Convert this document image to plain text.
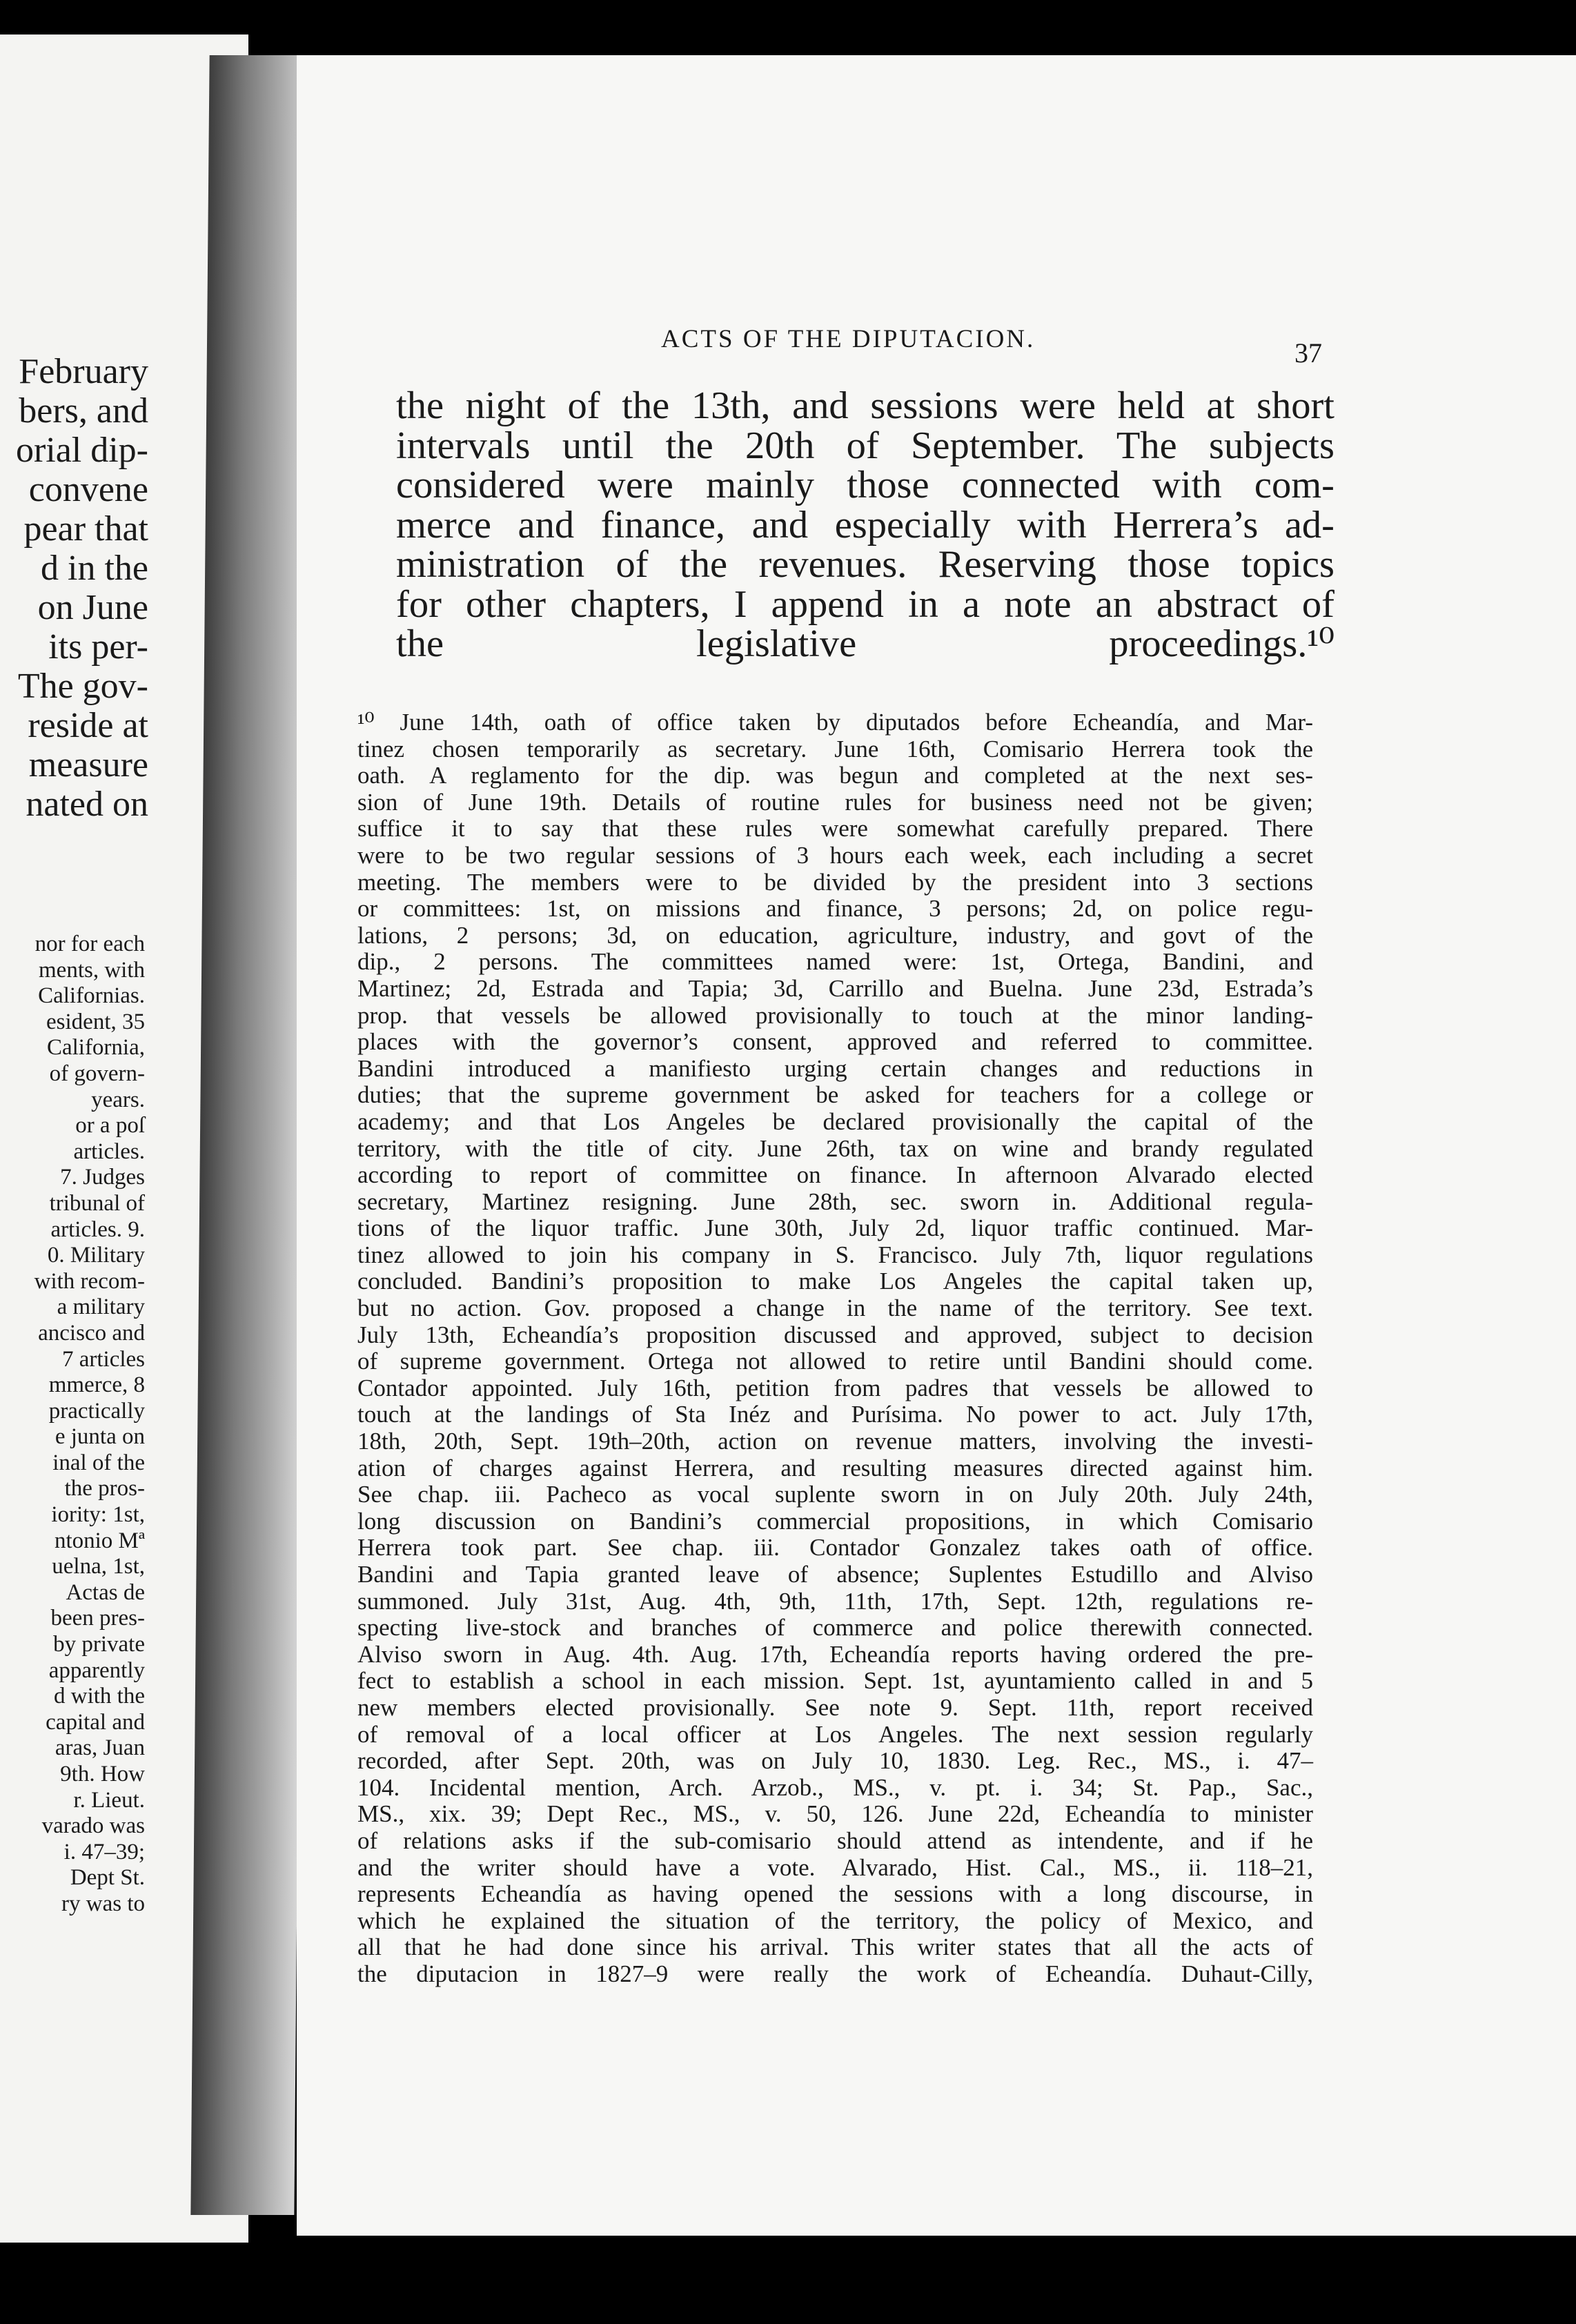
February
bers, and
orial dip-
convene
pear that
d in the
on June
its per-
The gov-
reside at
measure
nated on
nor for each
ments, with
Californias.
esident, 35
California,
of govern-
years.
or a poſ
articles.
7. Judges
tribunal of
articles. 9.
0. Military
with recom-
a military
ancisco and
7 articles
mmerce, 8
practically
e junta on
inal of the
the pros-
iority: 1st,
ntonio Mª
uelna, 1st,
Actas de
been pres-
by private
apparently
d with the
capital and
aras, Juan
9th. How
r. Lieut.
varado was
i. 47–39;
Dept St.
ry was to
ACTS OF THE DIPUTACION.	37
the night of the 13th, and sessions were held at short
intervals until the 20th of September. The subjects
considered were mainly those connected with com-
merce and finance, and especially with Herrera’s ad-
ministration of the revenues. Reserving those topics
for other chapters, I append in a note an abstract of
the legislative proceedings.¹⁰
¹⁰ June 14th, oath of office taken by diputados before Echeandía, and Mar-
tinez chosen temporarily as secretary. June 16th, Comisario Herrera took the
oath. A reglamento for the dip. was begun and completed at the next ses-
sion of June 19th. Details of routine rules for business need not be given;
suffice it to say that these rules were somewhat carefully prepared. There
were to be two regular sessions of 3 hours each week, each including a secret
meeting. The members were to be divided by the president into 3 sections
or committees: 1st, on missions and finance, 3 persons; 2d, on police regu-
lations, 2 persons; 3d, on education, agriculture, industry, and govt of the
dip., 2 persons. The committees named were: 1st, Ortega, Bandini, and
Martinez; 2d, Estrada and Tapia; 3d, Carrillo and Buelna. June 23d, Estrada’s
prop. that vessels be allowed provisionally to touch at the minor landing-
places with the governor’s consent, approved and referred to committee.
Bandini introduced a manifiesto urging certain changes and reductions in
duties; that the supreme government be asked for teachers for a college or
academy; and that Los Angeles be declared provisionally the capital of the
territory, with the title of city. June 26th, tax on wine and brandy regulated
according to report of committee on finance. In afternoon Alvarado elected
secretary, Martinez resigning. June 28th, sec. sworn in. Additional regula-
tions of the liquor traffic. June 30th, July 2d, liquor traffic continued. Mar-
tinez allowed to join his company in S. Francisco. July 7th, liquor regulations
concluded. Bandini’s proposition to make Los Angeles the capital taken up,
but no action. Gov. proposed a change in the name of the territory. See text.
July 13th, Echeandía’s proposition discussed and approved, subject to decision
of supreme government. Ortega not allowed to retire until Bandini should come.
Contador appointed. July 16th, petition from padres that vessels be allowed to
touch at the landings of Sta Inéz and Purísima. No power to act. July 17th,
18th, 20th, Sept. 19th–20th, action on revenue matters, involving the investi-
ation of charges against Herrera, and resulting measures directed against him.
See chap. iii. Pacheco as vocal suplente sworn in on July 20th. July 24th,
long discussion on Bandini’s commercial propositions, in which Comisario
Herrera took part. See chap. iii. Contador Gonzalez takes oath of office.
Bandini and Tapia granted leave of absence; Suplentes Estudillo and Alviso
summoned. July 31st, Aug. 4th, 9th, 11th, 17th, Sept. 12th, regulations re-
specting live-stock and branches of commerce and police therewith connected.
Alviso sworn in Aug. 4th. Aug. 17th, Echeandía reports having ordered the pre-
fect to establish a school in each mission. Sept. 1st, ayuntamiento called in and 5
new members elected provisionally. See note 9. Sept. 11th, report received
of removal of a local officer at Los Angeles. The next session regularly
recorded, after Sept. 20th, was on July 10, 1830. Leg. Rec., MS., i. 47–
104. Incidental mention, Arch. Arzob., MS., v. pt. i. 34; St. Pap., Sac.,
MS., xix. 39; Dept Rec., MS., v. 50, 126. June 22d, Echeandía to minister
of relations asks if the sub-comisario should attend as intendente, and if he
and the writer should have a vote. Alvarado, Hist. Cal., MS., ii. 118–21,
represents Echeandía as having opened the sessions with a long discourse, in
which he explained the situation of the territory, the policy of Mexico, and
all that he had done since his arrival. This writer states that all the acts of
the diputacion in 1827–9 were really the work of Echeandía. Duhaut-Cilly,
